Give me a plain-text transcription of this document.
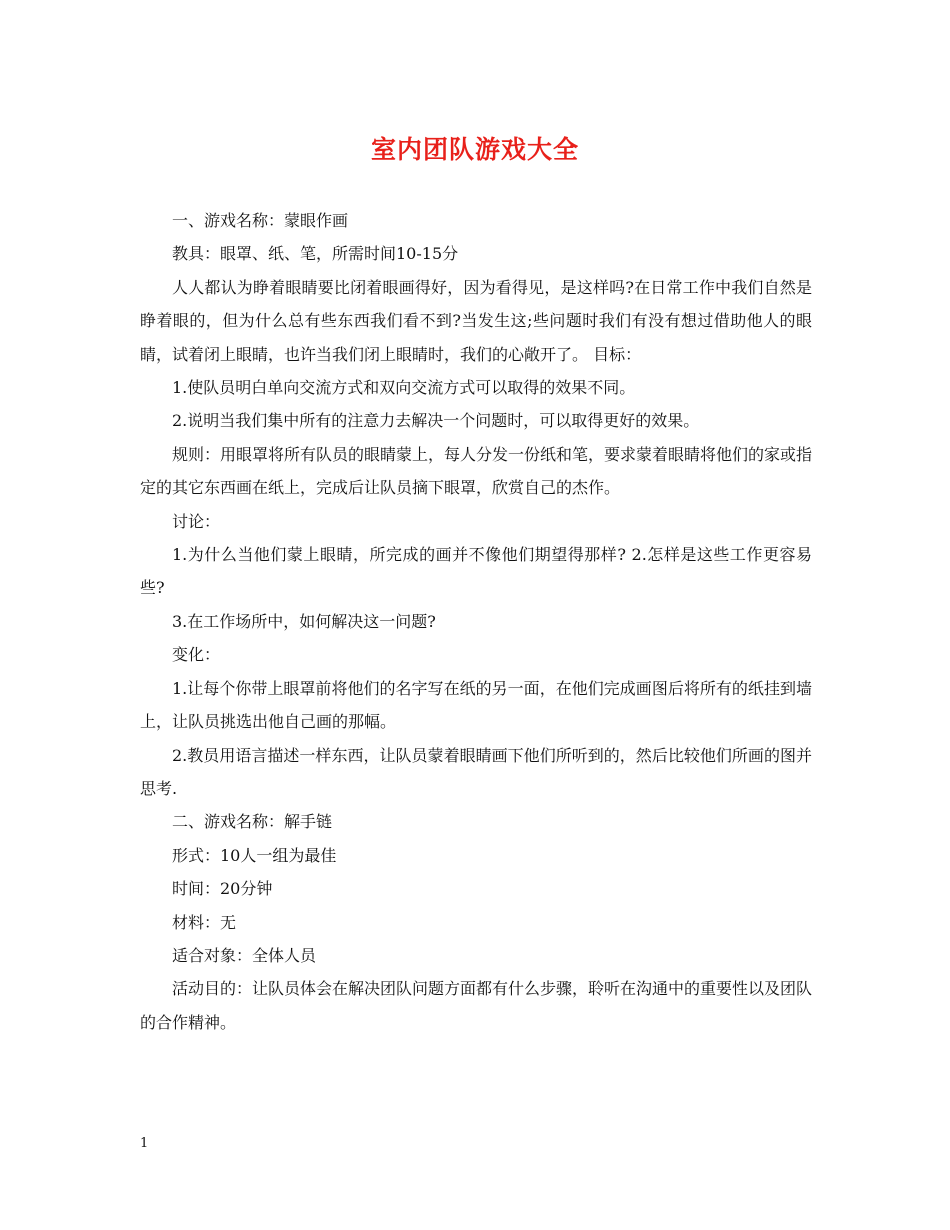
室内团队游戏大全

一、游戏名称：蒙眼作画

教具：眼罩、纸、笔，所需时间10-15分

人人都认为睁着眼睛要比闭着眼画得好，因为看得见，是这样吗?在日常工作中我们自然是睁着眼的，但为什么总有些东西我们看不到?当发生这;些问题时我们有没有想过借助他人的眼睛，试着闭上眼睛，也许当我们闭上眼睛时，我们的心敞开了。 目标：

1.使队员明白单向交流方式和双向交流方式可以取得的效果不同。

2.说明当我们集中所有的注意力去解决一个问题时，可以取得更好的效果。

规则：用眼罩将所有队员的眼睛蒙上，每人分发一份纸和笔，要求蒙着眼睛将他们的家或指定的其它东西画在纸上，完成后让队员摘下眼罩，欣赏自己的杰作。

讨论：

1.为什么当他们蒙上眼睛，所完成的画并不像他们期望得那样? 2.怎样是这些工作更容易些?

3.在工作场所中，如何解决这一问题?

变化：

1.让每个你带上眼罩前将他们的名字写在纸的另一面，在他们完成画图后将所有的纸挂到墙上，让队员挑选出他自己画的那幅。

2.教员用语言描述一样东西，让队员蒙着眼睛画下他们所听到的，然后比较他们所画的图并思考.

二、游戏名称：解手链

形式：10人一组为最佳

时间：20分钟

材料：无

适合对象：全体人员

活动目的：让队员体会在解决团队问题方面都有什么步骤，聆听在沟通中的重要性以及团队的合作精神。

1
